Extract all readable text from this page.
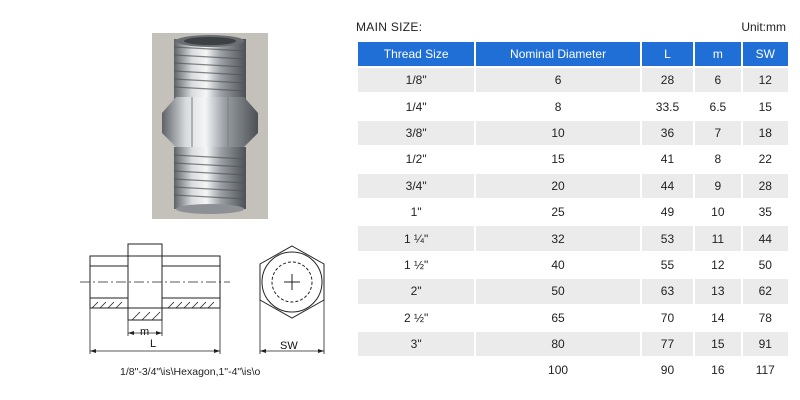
m
L	SW
1/8"-3/4"\is\Hexagon,1"-4"\is\o
MAIN SIZE:	Unit:mm
Thread Size	Nominal Diameter	L	m	SW
1/8"	6	28	6	12
1/4"	8	33.5	6.5	15
3/8"	10	36	7	18
1/2"	15	41	8	22
3/4"	20	44	9	28
1"	25	49	10	35
1 ¼"	32	53	11	44
1 ½"	40	55	12	50
2"	50	63	13	62
2 ½"	65	70	14	78
3"	80	77	15	91
	100	90	16	117
